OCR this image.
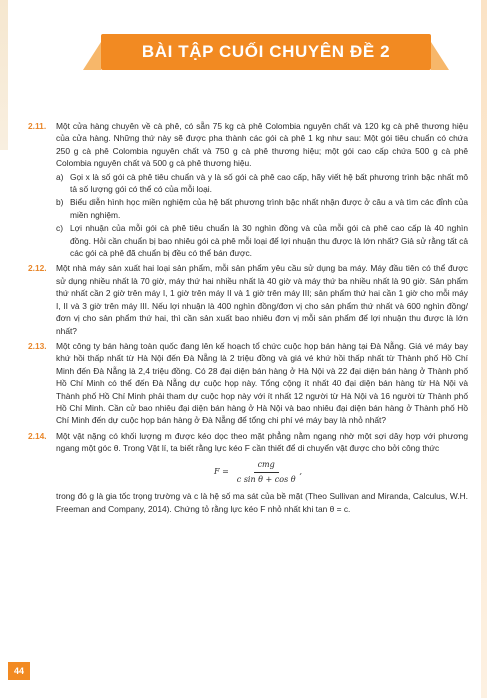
BÀI TẬP CUỐI CHUYÊN ĐỀ 2
2.11. Một cửa hàng chuyên về cà phê, có sẵn 75 kg cà phê Colombia nguyên chất và 120 kg cà phê thương hiệu của cửa hàng. Những thứ này sẽ được pha thành các gói cà phê 1 kg như sau: Một gói tiêu chuẩn có chứa 250 g cà phê Colombia nguyên chất và 750 g cà phê thương hiệu; một gói cao cấp chứa 500 g cà phê Colombia nguyên chất và 500 g cà phê thương hiệu.

a) Gọi x là số gói cà phê tiêu chuẩn và y là số gói cà phê cao cấp, hãy viết hệ bất phương trình bậc nhất mô tả số lượng gói có thể có của mỗi loại.

b) Biểu diễn hình học miền nghiệm của hệ bất phương trình bậc nhất nhận được ở câu a và tìm các đỉnh của miền nghiệm.

c) Lợi nhuận của mỗi gói cà phê tiêu chuẩn là 30 nghìn đồng và của mỗi gói cà phê cao cấp là 40 nghìn đồng. Hỏi cần chuẩn bị bao nhiêu gói cà phê mỗi loại để lợi nhuận thu được là lớn nhất? Giả sử rằng tất cả các gói cà phê đã chuẩn bị đều có thể bán được.

2.12. Một nhà máy sản xuất hai loại sản phẩm, mỗi sản phẩm yêu cầu sử dụng ba máy. Máy đầu tiên có thể được sử dụng nhiều nhất là 70 giờ, máy thứ hai nhiều nhất là 40 giờ và máy thứ ba nhiều nhất là 90 giờ. Sản phẩm thứ nhất cần 2 giờ trên máy I, 1 giờ trên máy II và 1 giờ trên máy III; sản phẩm thứ hai cần 1 giờ cho mỗi máy I, II và 3 giờ trên máy III. Nếu lợi nhuận là 400 nghìn đồng/đơn vị cho sản phẩm thứ nhất và 600 nghìn đồng/đơn vị cho sản phẩm thứ hai, thì cần sản xuất bao nhiêu đơn vị mỗi sản phẩm để lợi nhuận thu được là lớn nhất?

2.13. Một công ty bán hàng toàn quốc đang lên kế hoạch tổ chức cuộc họp bán hàng tại Đà Nẵng. Giá vé máy bay khứ hồi thấp nhất từ Hà Nội đến Đà Nẵng là 2 triệu đồng và giá vé khứ hồi thấp nhất từ Thành phố Hồ Chí Minh đến Đà Nẵng là 2,4 triệu đồng. Có 28 đại diện bán hàng ở Hà Nội và 22 đại diện bán hàng ở Thành phố Hồ Chí Minh có thể đến Đà Nẵng dự cuộc họp này. Tổng cộng ít nhất 40 đại diện bán hàng từ Hà Nội và Thành phố Hồ Chí Minh phải tham dự cuộc họp này với ít nhất 12 người từ Hà Nội và 16 người từ Thành phố Hồ Chí Minh. Cần cử bao nhiêu đại diện bán hàng ở Hà Nội và bao nhiêu đại diện bán hàng ở Thành phố Hồ Chí Minh đến dự cuộc họp bán hàng ở Đà Nẵng để tổng chi phí vé máy bay là nhỏ nhất?

2.14. Một vật nặng có khối lượng m được kéo dọc theo mặt phẳng nằm ngang nhờ một sợi dây hợp với phương ngang một góc θ. Trong Vật lí, ta biết rằng lực kéo F cần thiết để di chuyển vật được cho bởi công thức

$F = \frac{\text{cmg}}{\text{c sin θ + cos θ}}$ ,

trong đó g là gia tốc trọng trường và c là hệ số ma sát của bề mặt (Theo Sullivan and Miranda, Calculus, W.H. Freeman and Company, 2014). Chứng tỏ rằng lực kéo F nhỏ nhất khi tan θ = c.

44
